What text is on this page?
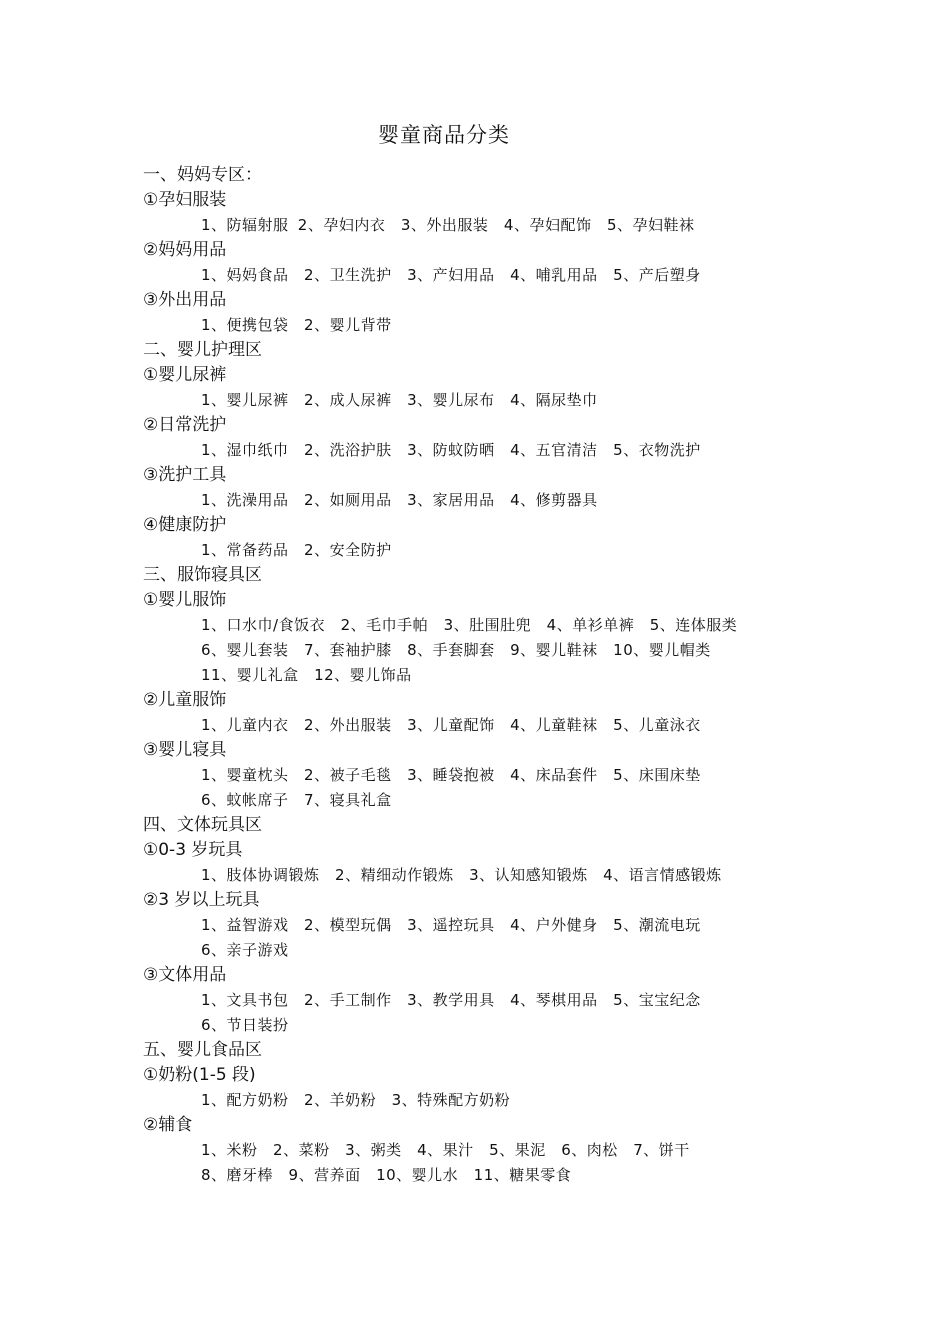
婴童商品分类
一、妈妈专区：
①孕妇服装
1、防辐射服 2、孕妇内衣　3、外出服装　4、孕妇配饰　5、孕妇鞋袜
②妈妈用品
1、妈妈食品　2、卫生洗护　3、产妇用品　4、哺乳用品　5、产后塑身
③外出用品
1、便携包袋　2、婴儿背带
二、婴儿护理区
①婴儿尿裤
1、婴儿尿裤　2、成人尿裤　3、婴儿尿布　4、隔尿垫巾
②日常洗护
1、湿巾纸巾　2、洗浴护肤　3、防蚊防晒　4、五官清洁　5、衣物洗护
③洗护工具
1、洗澡用品　2、如厕用品　3、家居用品　4、修剪器具
④健康防护
1、常备药品　2、安全防护
三、服饰寝具区
①婴儿服饰
1、口水巾/食饭衣　2、毛巾手帕　3、肚围肚兜　4、单衫单裤　5、连体服类
6、婴儿套装　7、套袖护膝　8、手套脚套　9、婴儿鞋袜　10、婴儿帽类
11、婴儿礼盒　12、婴儿饰品
②儿童服饰
1、儿童内衣　2、外出服装　3、儿童配饰　4、儿童鞋袜　5、儿童泳衣
③婴儿寝具
1、婴童枕头　2、被子毛毯　3、睡袋抱被　4、床品套件　5、床围床垫
6、蚊帐席子　7、寝具礼盒
四、文体玩具区
①0-3 岁玩具
1、肢体协调锻炼　2、精细动作锻炼　3、认知感知锻炼　4、语言情感锻炼
②3 岁以上玩具
1、益智游戏　2、模型玩偶　3、遥控玩具　4、户外健身　5、潮流电玩
6、亲子游戏
③文体用品
1、文具书包　2、手工制作　3、教学用具　4、琴棋用品　5、宝宝纪念
6、节日装扮
五、婴儿食品区
①奶粉(1-5 段)
1、配方奶粉　2、羊奶粉　3、特殊配方奶粉
②辅食
1、米粉　2、菜粉　3、粥类　4、果汁　5、果泥　6、肉松　7、饼干
8、磨牙棒　9、营养面　10、婴儿水　11、糖果零食
